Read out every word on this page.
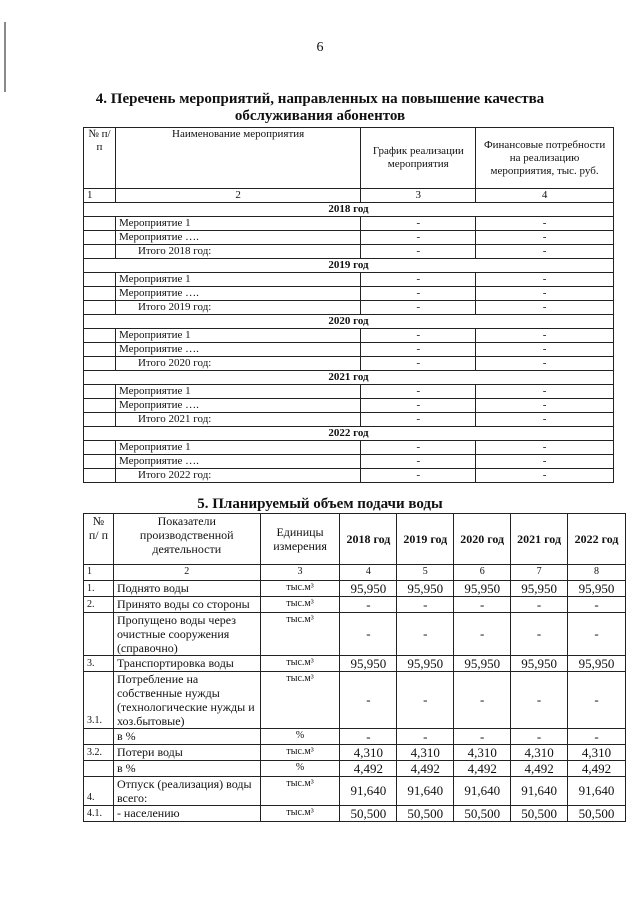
6
4. Перечень мероприятий, направленных на повышение качества
обслуживания абонентов
№ п/п	Наименование мероприятия	График реализации мероприятия	Финансовые потребности на реализацию мероприятия, тыс. руб.
1	2	3	4
2018 год			
	Мероприятие 1	-	-
	Мероприятие ….	-	-
	Итого 2018 год:	-	-
2019 год			
	Мероприятие 1	-	-
	Мероприятие ….	-	-
	Итого 2019 год:	-	-
2020 год			
	Мероприятие 1	-	-
	Мероприятие ….	-	-
	Итого 2020 год:	-	-
2021 год			
	Мероприятие 1	-	-
	Мероприятие ….	-	-
	Итого 2021 год:	-	-
2022 год			
	Мероприятие 1	-	-
	Мероприятие ….	-	-
	Итого 2022 год:	-	-
5. Планируемый объем подачи воды
№ п/ п	Показатели производственной деятельности	Единицы измерения	2018 год	2019 год	2020 год	2021 год	2022 год
1	2	3	4	5	6	7	8
1.	Поднято воды	тыс.м³	95,950	95,950	95,950	95,950	95,950
2.	Принято воды со стороны	тыс.м³	-	-	-	-	-
	Пропущено воды через очистные сооружения (справочно)	тыс.м³	-	-	-	-	-
3.	Транспортировка воды	тыс.м³	95,950	95,950	95,950	95,950	95,950
3.1.	Потребление на собственные нужды (технологические нужды и хоз.бытовые)	тыс.м³	-	-	-	-	-
	в %	%	-	-	-	-	-
3.2.	Потери воды	тыс.м³	4,310	4,310	4,310	4,310	4,310
	в %	%	4,492	4,492	4,492	4,492	4,492
4.	Отпуск (реализация) воды всего:	тыс.м³	91,640	91,640	91,640	91,640	91,640
4.1.	- населению	тыс.м³	50,500	50,500	50,500	50,500	50,500
